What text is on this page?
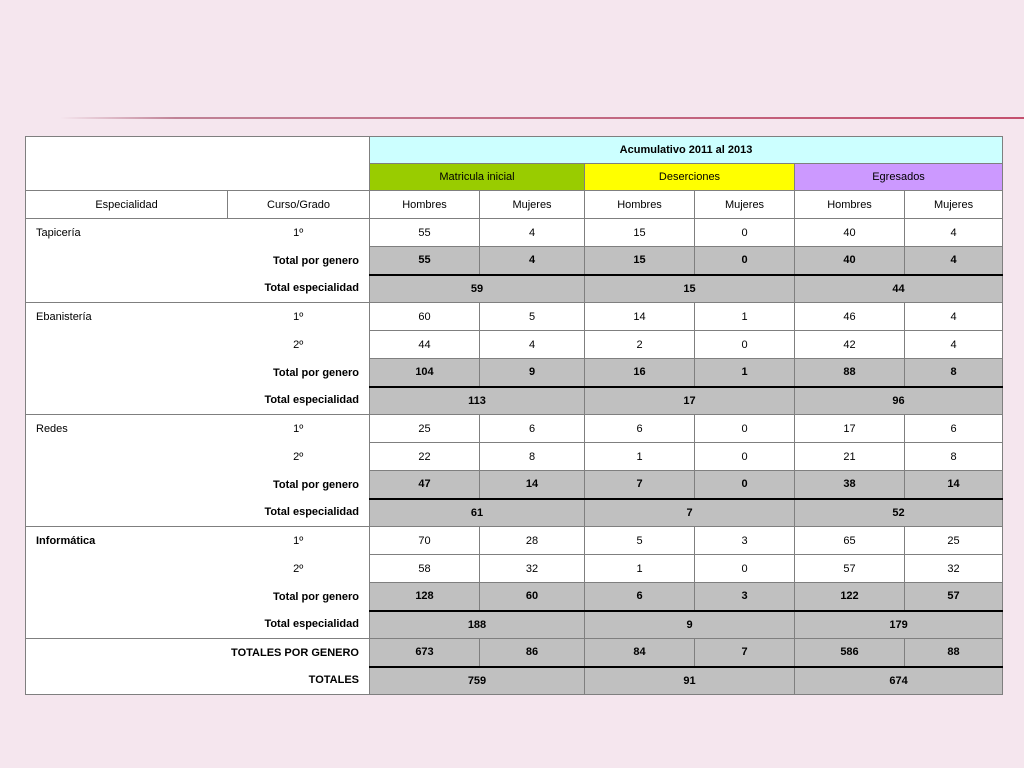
		Acumulativo 2011 al 2013					
		Matricula inicial		Deserciones		Egresados	
Especialidad	Curso/Grado	Hombres	Mujeres	Hombres	Mujeres	Hombres	Mujeres
Tapicería	1º	55	4	15	0	40	4
Total por genero		55	4	15	0	40	4
Total especialidad		59		15		44	
Ebanistería	1º	60	5	14	1	46	4
	2º	44	4	2	0	42	4
Total por genero		104	9	16	1	88	8
Total especialidad		113		17		96	
Redes	1º	25	6	6	0	17	6
	2º	22	8	1	0	21	8
Total por genero		47	14	7	0	38	14
Total especialidad		61		7		52	
Informática	1º	70	28	5	3	65	25
	2º	58	32	1	0	57	32
Total por genero		128	60	6	3	122	57
Total especialidad		188		9		179	
TOTALES POR GENERO		673	86	84	7	586	88
TOTALES		759		91		674	
